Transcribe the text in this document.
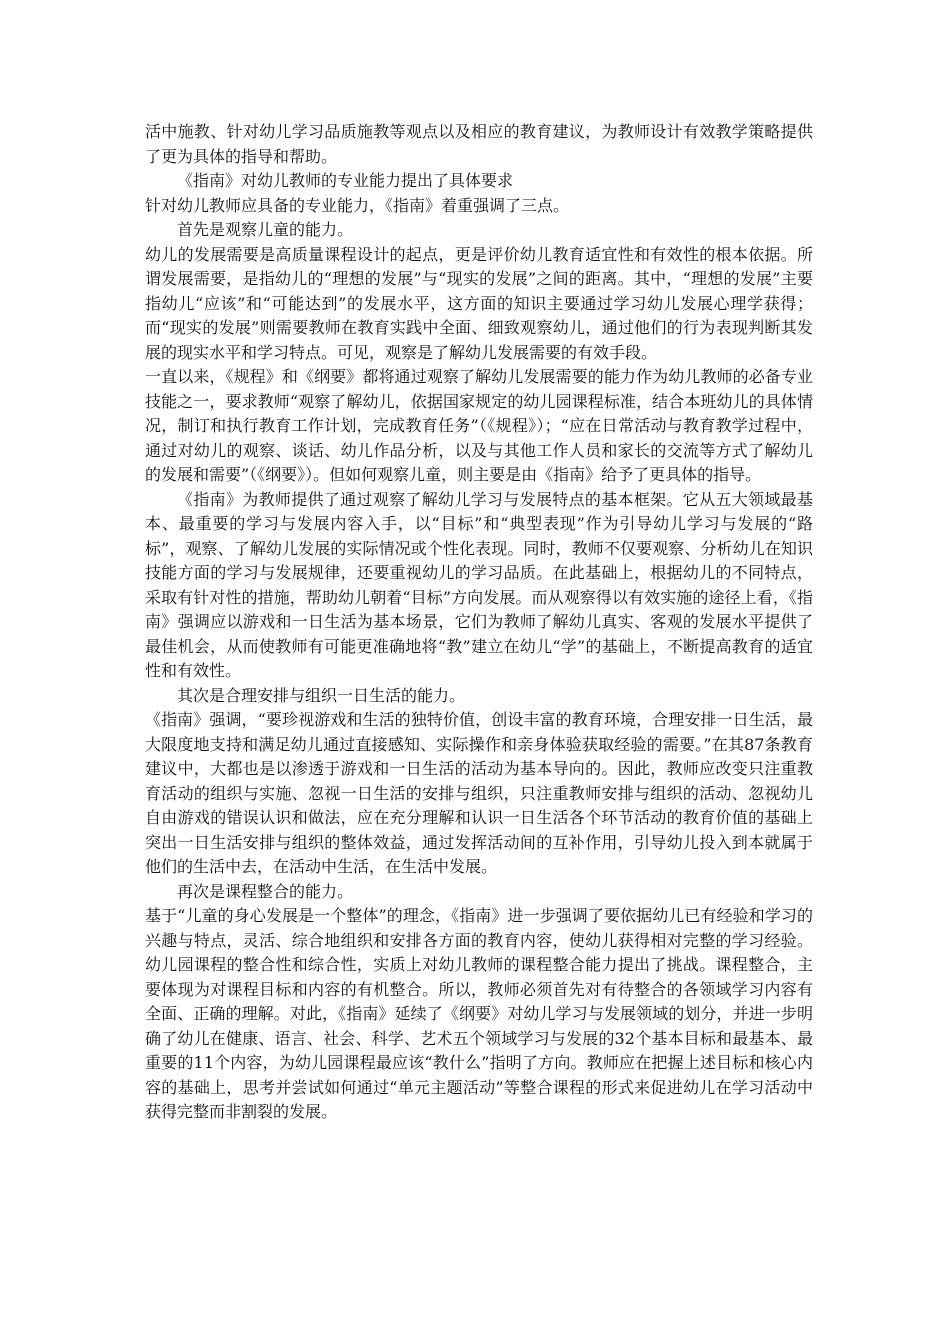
活中施教、针对幼儿学习品质施教等观点以及相应的教育建议，为教师设计有效教学策略提供了更为具体的指导和帮助。

《指南》对幼儿教师的专业能力提出了具体要求

针对幼儿教师应具备的专业能力，《指南》着重强调了三点。

首先是观察儿童的能力。

幼儿的发展需要是高质量课程设计的起点，更是评价幼儿教育适宜性和有效性的根本依据。所谓发展需要，是指幼儿的“理想的发展”与“现实的发展”之间的距离。其中，“理想的发展”主要指幼儿“应该”和“可能达到”的发展水平，这方面的知识主要通过学习幼儿发展心理学获得；而“现实的发展”则需要教师在教育实践中全面、细致观察幼儿，通过他们的行为表现判断其发展的现实水平和学习特点。可见，观察是了解幼儿发展需要的有效手段。

一直以来，《规程》和《纲要》都将通过观察了解幼儿发展需要的能力作为幼儿教师的必备专业技能之一，要求教师“观察了解幼儿，依据国家规定的幼儿园课程标准，结合本班幼儿的具体情况，制订和执行教育工作计划，完成教育任务”（《规程》）；“应在日常活动与教育教学过程中，通过对幼儿的观察、谈话、幼儿作品分析，以及与其他工作人员和家长的交流等方式了解幼儿的发展和需要”（《纲要》）。但如何观察儿童，则主要是由《指南》给予了更具体的指导。

《指南》为教师提供了通过观察了解幼儿学习与发展特点的基本框架。它从五大领域最基本、最重要的学习与发展内容入手，以“目标”和“典型表现”作为引导幼儿学习与发展的“路标”，观察、了解幼儿发展的实际情况或个性化表现。同时，教师不仅要观察、分析幼儿在知识技能方面的学习与发展规律，还要重视幼儿的学习品质。在此基础上，根据幼儿的不同特点，采取有针对性的措施，帮助幼儿朝着“目标”方向发展。而从观察得以有效实施的途径上看，《指南》强调应以游戏和一日生活为基本场景，它们为教师了解幼儿真实、客观的发展水平提供了最佳机会，从而使教师有可能更准确地将“教”建立在幼儿“学”的基础上，不断提高教育的适宜性和有效性。

其次是合理安排与组织一日生活的能力。

《指南》强调，“要珍视游戏和生活的独特价值，创设丰富的教育环境，合理安排一日生活，最大限度地支持和满足幼儿通过直接感知、实际操作和亲身体验获取经验的需要。”在其87条教育建议中，大都也是以渗透于游戏和一日生活的活动为基本导向的。因此，教师应改变只注重教育活动的组织与实施、忽视一日生活的安排与组织，只注重教师安排与组织的活动、忽视幼儿自由游戏的错误认识和做法，应在充分理解和认识一日生活各个环节活动的教育价值的基础上突出一日生活安排与组织的整体效益，通过发挥活动间的互补作用，引导幼儿投入到本就属于他们的生活中去，在活动中生活，在生活中发展。

再次是课程整合的能力。

基于“儿童的身心发展是一个整体”的理念，《指南》进一步强调了要依据幼儿已有经验和学习的兴趣与特点，灵活、综合地组织和安排各方面的教育内容，使幼儿获得相对完整的学习经验。幼儿园课程的整合性和综合性，实质上对幼儿教师的课程整合能力提出了挑战。课程整合，主要体现为对课程目标和内容的有机整合。所以，教师必须首先对有待整合的各领域学习内容有全面、正确的理解。对此，《指南》延续了《纲要》对幼儿学习与发展领域的划分，并进一步明确了幼儿在健康、语言、社会、科学、艺术五个领域学习与发展的32个基本目标和最基本、最重要的11个内容，为幼儿园课程最应该“教什么”指明了方向。教师应在把握上述目标和核心内容的基础上，思考并尝试如何通过“单元主题活动”等整合课程的形式来促进幼儿在学习活动中获得完整而非割裂的发展。
